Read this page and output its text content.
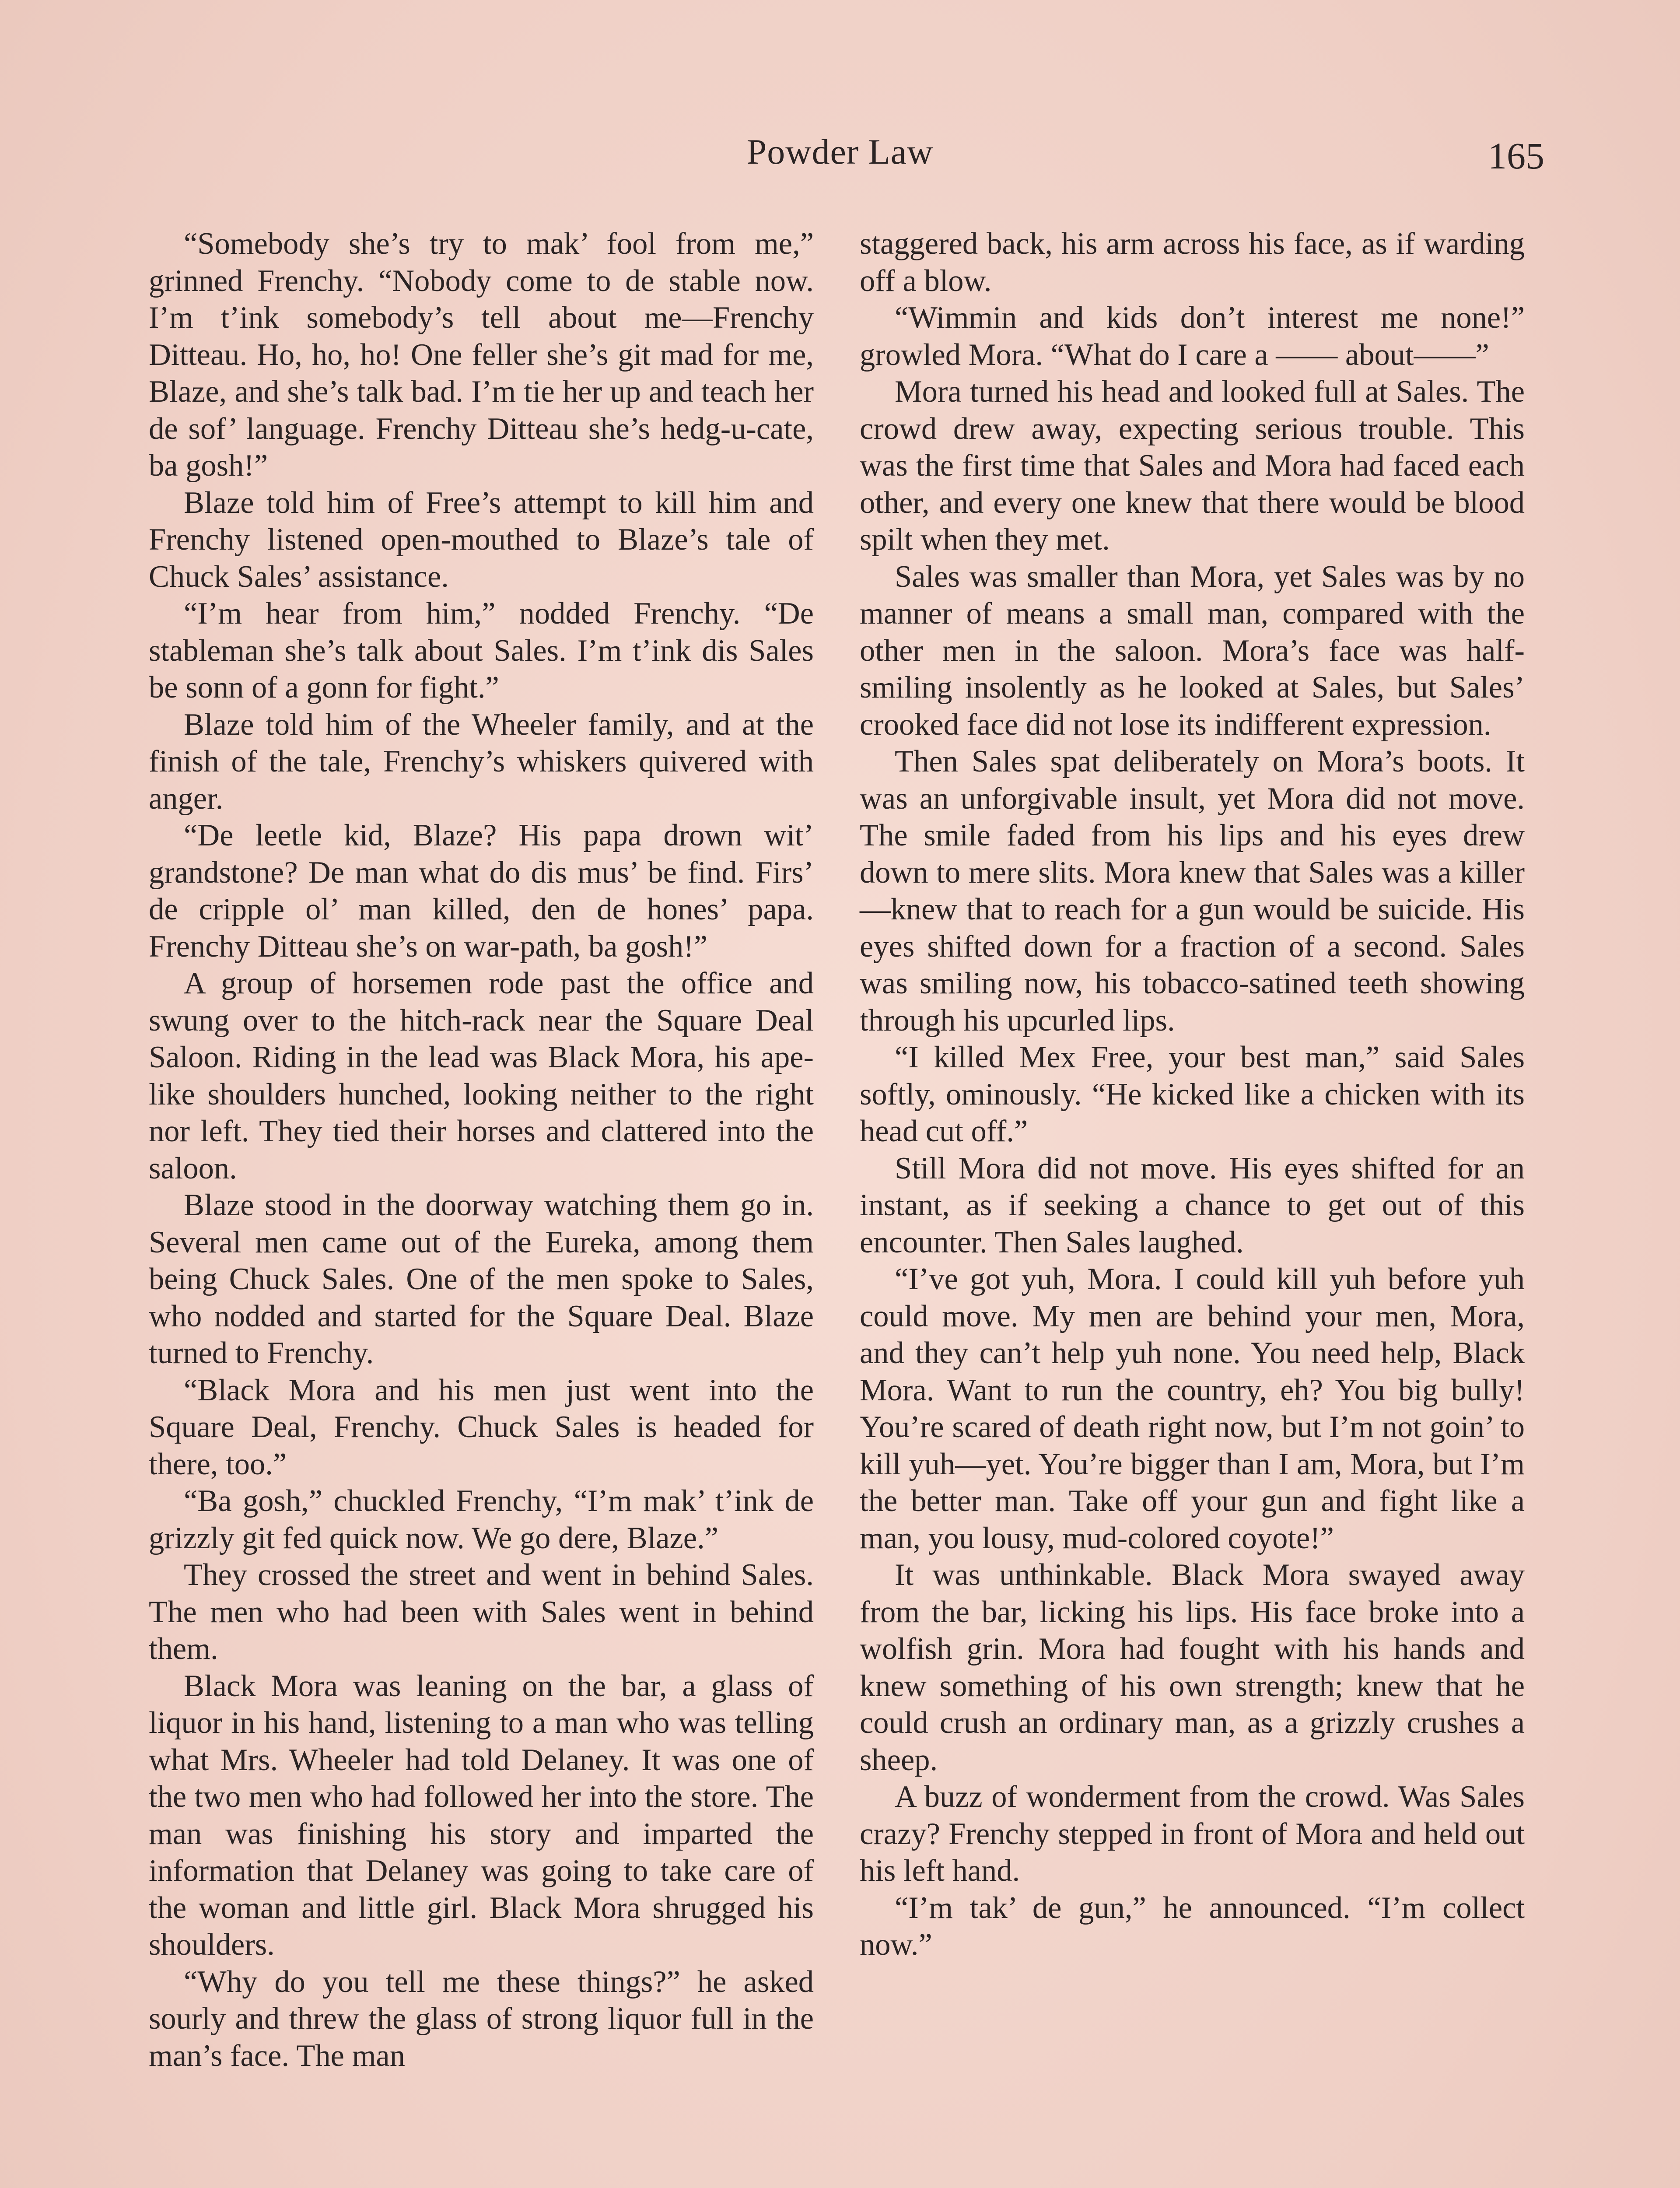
Powder Law	165

“Somebody she’s try to mak’ fool from me,” grinned Frenchy. “Nobody come to de stable now. I’m t’ink somebody’s tell about me—Frenchy Ditteau. Ho, ho, ho! One feller she’s git mad for me, Blaze, and she’s talk bad. I’m tie her up and teach her de sof’ language. Frenchy Ditteau she’s hedg-u-cate, ba gosh!”

Blaze told him of Free’s attempt to kill him and Frenchy listened open-mouthed to Blaze’s tale of Chuck Sales’ assistance.

“I’m hear from him,” nodded Frenchy. “De stableman she’s talk about Sales. I’m t’ink dis Sales be sonn of a gonn for fight.”

Blaze told him of the Wheeler family, and at the finish of the tale, Frenchy’s whiskers quivered with anger.

“De leetle kid, Blaze? His papa drown wit’ grandstone? De man what do dis mus’ be find. Firs’ de cripple ol’ man killed, den de hones’ papa. Frenchy Ditteau she’s on war-path, ba gosh!”

A group of horsemen rode past the office and swung over to the hitch-rack near the Square Deal Saloon. Riding in the lead was Black Mora, his ape-like shoulders hunched, looking neither to the right nor left. They tied their horses and clattered into the saloon.

Blaze stood in the doorway watching them go in. Several men came out of the Eureka, among them being Chuck Sales. One of the men spoke to Sales, who nodded and started for the Square Deal. Blaze turned to Frenchy.

“Black Mora and his men just went into the Square Deal, Frenchy. Chuck Sales is headed for there, too.”

“Ba gosh,” chuckled Frenchy, “I’m mak’ t’ink de grizzly git fed quick now. We go dere, Blaze.”

They crossed the street and went in behind Sales. The men who had been with Sales went in behind them.

Black Mora was leaning on the bar, a glass of liquor in his hand, listening to a man who was telling what Mrs. Wheeler had told Delaney. It was one of the two men who had followed her into the store. The man was finishing his story and imparted the information that Delaney was going to take care of the woman and little girl. Black Mora shrugged his shoulders.

“Why do you tell me these things?” he asked sourly and threw the glass of strong liquor full in the man’s face. The man

staggered back, his arm across his face, as if warding off a blow.

“Wimmin and kids don’t interest me none!” growled Mora. “What do I care a —— about——”

Mora turned his head and looked full at Sales. The crowd drew away, expecting serious trouble. This was the first time that Sales and Mora had faced each other, and every one knew that there would be blood spilt when they met.

Sales was smaller than Mora, yet Sales was by no manner of means a small man, compared with the other men in the saloon. Mora’s face was half-smiling insolently as he looked at Sales, but Sales’ crooked face did not lose its indifferent expression.

Then Sales spat deliberately on Mora’s boots. It was an unforgivable insult, yet Mora did not move. The smile faded from his lips and his eyes drew down to mere slits. Mora knew that Sales was a killer—knew that to reach for a gun would be suicide. His eyes shifted down for a fraction of a second. Sales was smiling now, his tobacco-satined teeth showing through his upcurled lips.

“I killed Mex Free, your best man,” said Sales softly, ominously. “He kicked like a chicken with its head cut off.”

Still Mora did not move. His eyes shifted for an instant, as if seeking a chance to get out of this encounter. Then Sales laughed.

“I’ve got yuh, Mora. I could kill yuh before yuh could move. My men are behind your men, Mora, and they can’t help yuh none. You need help, Black Mora. Want to run the country, eh? You big bully! You’re scared of death right now, but I’m not goin’ to kill yuh—yet. You’re bigger than I am, Mora, but I’m the better man. Take off your gun and fight like a man, you lousy, mud-colored coyote!”

It was unthinkable. Black Mora swayed away from the bar, licking his lips. His face broke into a wolfish grin. Mora had fought with his hands and knew something of his own strength; knew that he could crush an ordinary man, as a grizzly crushes a sheep.

A buzz of wonderment from the crowd. Was Sales crazy? Frenchy stepped in front of Mora and held out his left hand.

“I’m tak’ de gun,” he announced. “I’m collect now.”
